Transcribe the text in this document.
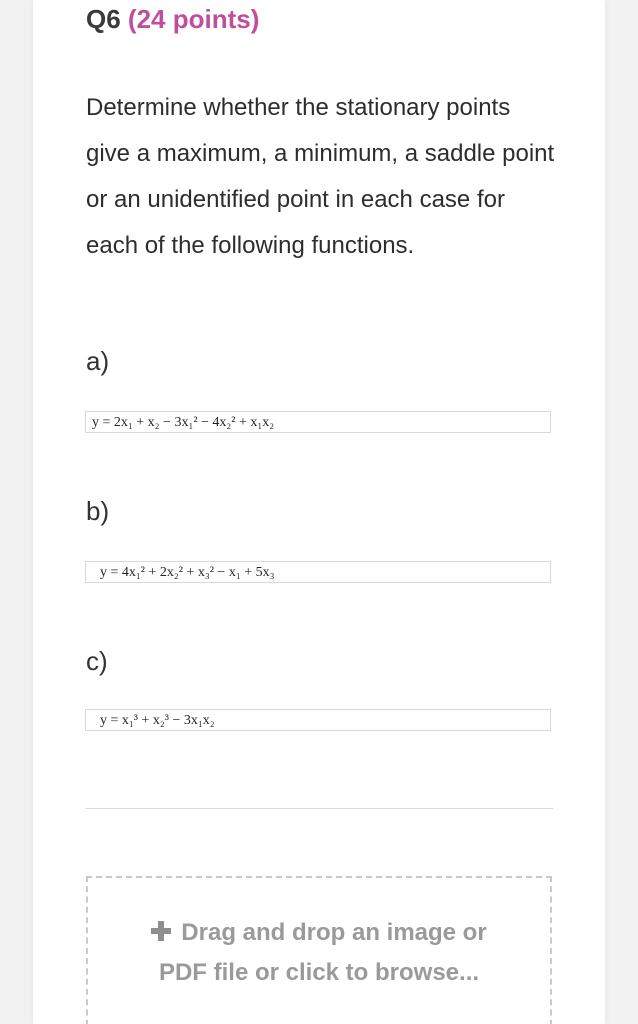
Q6 (24 points)
Determine whether the stationary points give a maximum, a minimum, a saddle point or an unidentified point in each case for each of the following functions.
a)
y = 2x₁ + x₂ − 3x₁² − 4x₂² + x₁x₂
b)
y = 4x₁² + 2x₂² + x₃² − x₁ + 5x₃
c)
y = x₁³ + x₂³ − 3x₁x₂
Drag and drop an image or
PDF file or click to browse...
